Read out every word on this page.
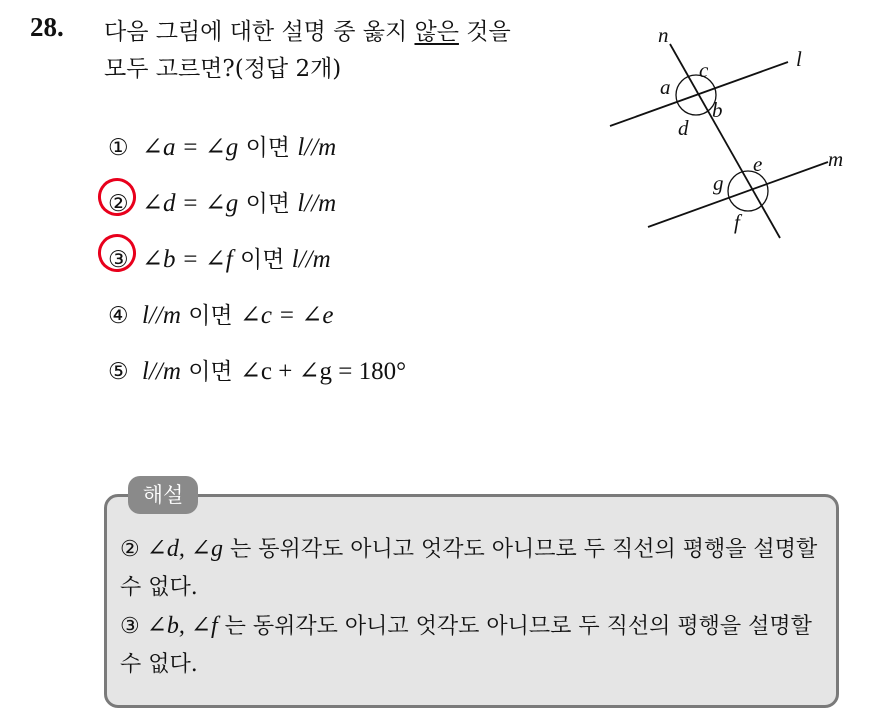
28. 다음 그림에 대한 설명 중 옳지 않은 것을
모두 고르면?(정답 2개)
① ∠a = ∠g 이면 l//m
② ∠d = ∠g 이면 l//m
③ ∠b = ∠f 이면 l//m
④ l//m 이면 ∠c = ∠e
⑤ l//m 이면 ∠c + ∠g = 180°
n
l
m
a
c
b
d
e
g
f
해설

② ∠d, ∠g 는 동위각도 아니고 엇각도 아니므로 두 직선의 평행을 설명할 수 없다.

③ ∠b, ∠f 는 동위각도 아니고 엇각도 아니므로 두 직선의 평행을 설명할 수 없다.
